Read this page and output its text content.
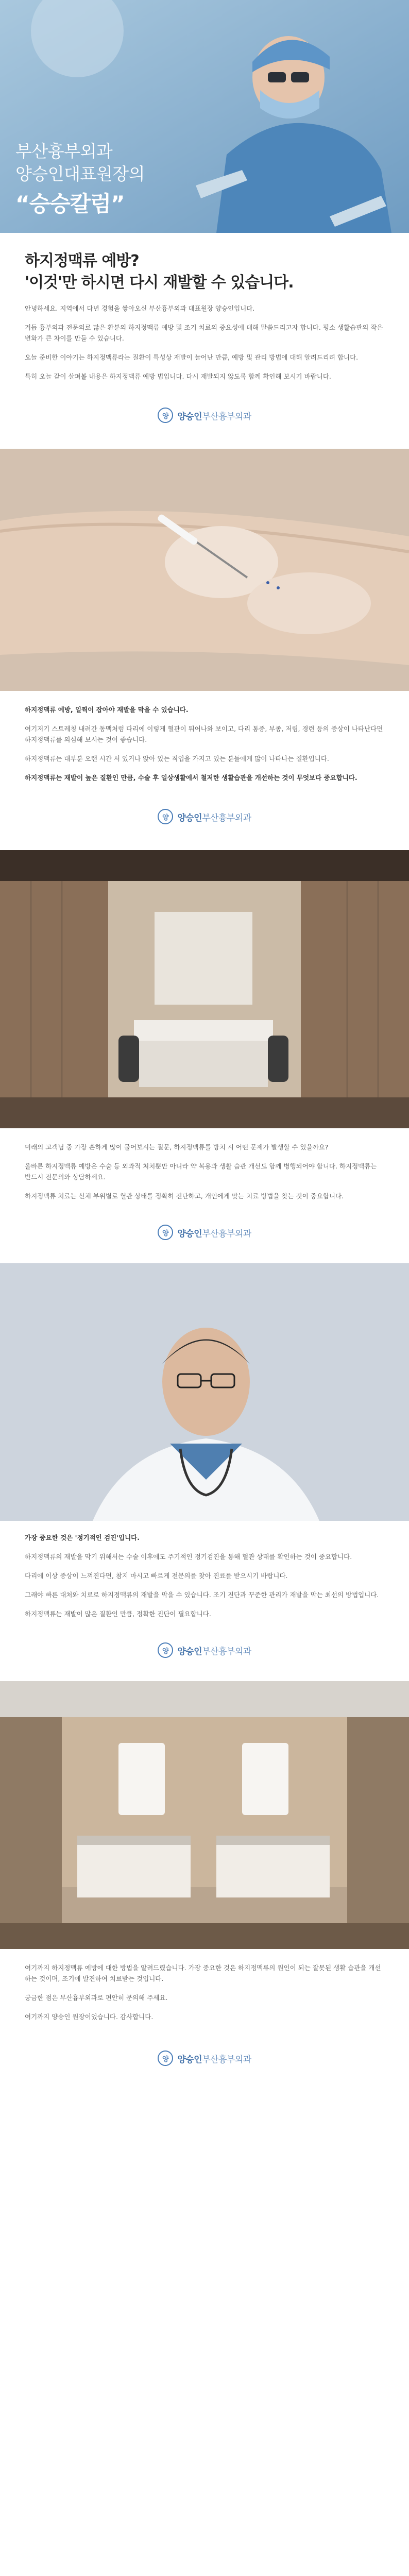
부산흉부외과
양승인대표원장의
“승승칼럼”
하지정맥류 예방?
'이것'만 하시면 다시 재발할 수 있습니다.

안녕하세요. 지역에서 다년 경험을 쌓아오신 부산흉부외과 대표원장 양승인입니다.

거듭 흉부외과 전문의로 많은 환분의 하지정맥류 예방 및 조기 치료의 중요성에 대해 말씀드리고자 합니다. 평소 생활습관의 작은 변화가 큰 차이를 만들 수 있습니다.

오늘 준비한 이야기는 하지정맥류라는 질환이 특성상 재발이 늘어난 만큼, 예방 및 관리 방법에 대해 알려드리려 합니다.

특히 오늘 같이 살펴볼 내용은 하지정맥류 예방 법입니다. 다시 재발되지 않도록 함께 확인해 보시기 바랍니다.

양 양승인부산흉부외과

하지정맥류 예방, 일찍이 잡아야 재발을 막을 수 있습니다.

여기저기 스트레칭 내려간 동맥처럼 다리에 이렇게 혈관이 튀어나와 보이고, 다리 통증, 부종, 저림, 경련 등의 증상이 나타난다면 하지정맥류를 의심해 보시는 것이 좋습니다.

하지정맥류는 대부분 오랜 시간 서 있거나 앉아 있는 직업을 가지고 있는 분들에게 많이 나타나는 질환입니다.

하지정맥류는 재발이 높은 질환인 만큼, 수술 후 일상생활에서 철저한 생활습관을 개선하는 것이 무엇보다 중요합니다.

양 양승인부산흉부외과

미래의 고객님 중 가장 흔하게 많이 물어보시는 질문, 하지정맥류를 방치 시 어떤 문제가 발생할 수 있을까요?

올바른 하지정맥류 예방은 수술 등 외과적 처치뿐만 아니라 약 복용과 생활 습관 개선도 함께 병행되어야 합니다. 하지정맥류는 반드시 전문의와 상담하세요.

하지정맥류 치료는 신체 부위별로 혈관 상태를 정확히 진단하고, 개인에게 맞는 치료 방법을 찾는 것이 중요합니다.

양 양승인부산흉부외과

가장 중요한 것은 '정기적인 검진'입니다.

하지정맥류의 재발을 막기 위해서는 수술 이후에도 주기적인 정기검진을 통해 혈관 상태를 확인하는 것이 중요합니다.

다리에 이상 증상이 느껴진다면, 참지 마시고 빠르게 전문의를 찾아 진료를 받으시기 바랍니다.

그래야 빠른 대처와 치료로 하지정맥류의 재발을 막을 수 있습니다. 조기 진단과 꾸준한 관리가 재발을 막는 최선의 방법입니다.

하지정맥류는 재발이 많은 질환인 만큼, 정확한 진단이 필요합니다.

양 양승인부산흉부외과

여기까지 하지정맥류 예방에 대한 방법을 알려드렸습니다. 가장 중요한 것은 하지정맥류의 원인이 되는 잘못된 생활 습관을 개선하는 것이며, 조기에 발견하여 치료받는 것입니다.

궁금한 점은 부산흉부외과로 편안히 문의해 주세요.

여기까지 양승인 원장이었습니다. 감사합니다.

양 양승인부산흉부외과
